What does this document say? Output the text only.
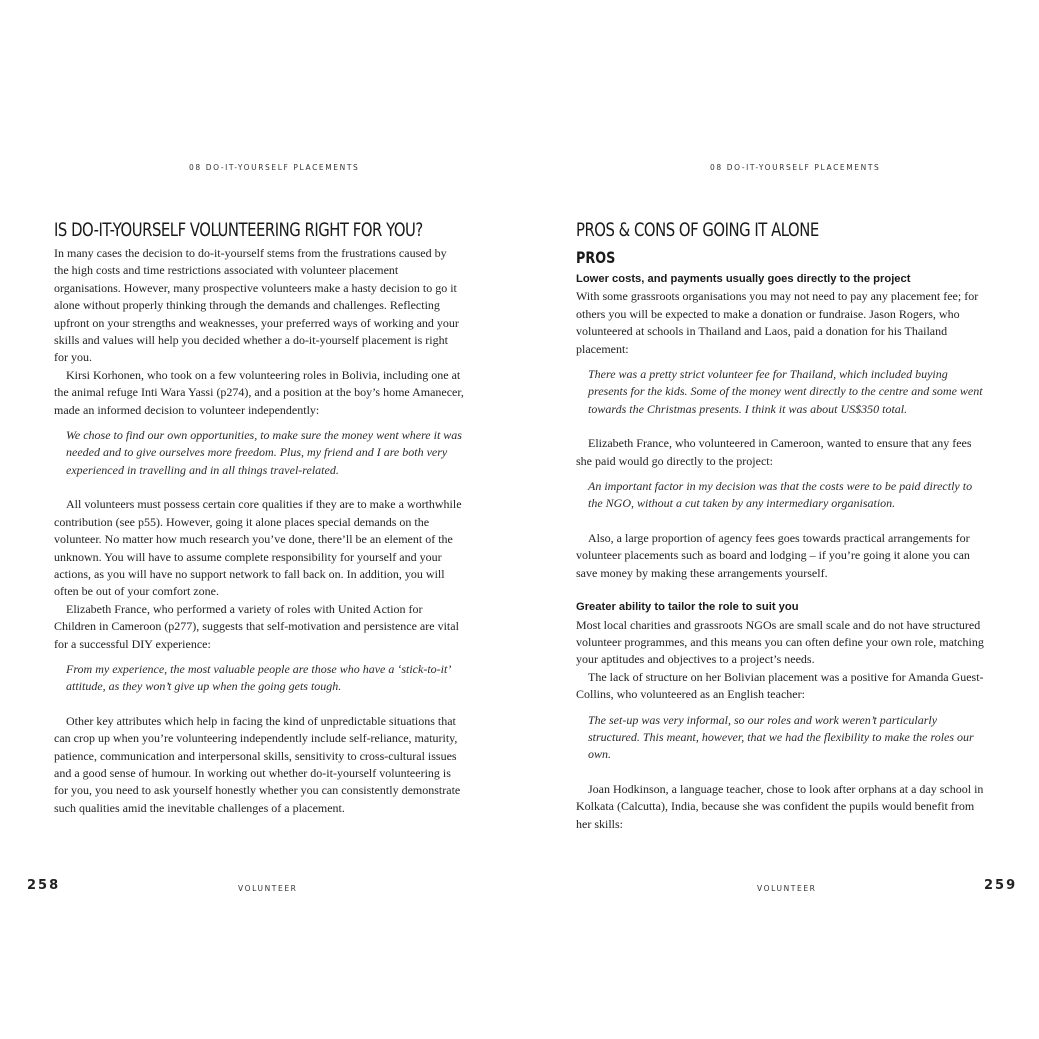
08 DO-IT-YOURSELF PLACEMENTS
IS DO-IT-YOURSELF VOLUNTEERING RIGHT FOR YOU?

In many cases the decision to do-it-yourself stems from the frustrations caused by the high costs and time restrictions associated with volunteer placement organisations. However, many prospective volunteers make a hasty decision to go it alone without properly thinking through the demands and challenges. Reflecting upfront on your strengths and weaknesses, your preferred ways of working and your skills and values will help you decided whether a do-it-yourself placement is right for you.

Kirsi Korhonen, who took on a few volunteering roles in Bolivia, including one at the animal refuge Inti Wara Yassi (p274), and a position at the boy’s home Amanecer, made an informed decision to volunteer independently:

We chose to find our own opportunities, to make sure the money went where it was needed and to give ourselves more freedom. Plus, my friend and I are both very experienced in travelling and in all things travel-related.

All volunteers must possess certain core qualities if they are to make a worthwhile contribution (see p55). However, going it alone places special demands on the volunteer. No matter how much research you’ve done, there’ll be an element of the unknown. You will have to assume complete responsibility for yourself and your actions, as you will have no support network to fall back on. In addition, you will often be out of your comfort zone.

Elizabeth France, who performed a variety of roles with United Action for Children in Cameroon (p277), suggests that self-motivation and persistence are vital for a successful DIY experience:

From my experience, the most valuable people are those who have a ‘stick-to-it’ attitude, as they won’t give up when the going gets tough.

Other key attributes which help in facing the kind of unpredictable situations that can crop up when you’re volunteering independently include self-reliance, maturity, patience, communication and interpersonal skills, sensitivity to cross-cultural issues and a good sense of humour. In working out whether do-it-yourself volunteering is for you, you need to ask yourself honestly whether you can consistently demonstrate such qualities amid the inevitable challenges of a placement.

258	VOLUNTEER
08 DO-IT-YOURSELF PLACEMENTS
PROS & CONS OF GOING IT ALONE
PROS
Lower costs, and payments usually goes directly to the project

With some grassroots organisations you may not need to pay any placement fee; for others you will be expected to make a donation or fundraise. Jason Rogers, who volunteered at schools in Thailand and Laos, paid a donation for his Thailand placement:

There was a pretty strict volunteer fee for Thailand, which included buying presents for the kids. Some of the money went directly to the centre and some went towards the Christmas presents. I think it was about US$350 total.

Elizabeth France, who volunteered in Cameroon, wanted to ensure that any fees she paid would go directly to the project:

An important factor in my decision was that the costs were to be paid directly to the NGO, without a cut taken by any intermediary organisation.

Also, a large proportion of agency fees goes towards practical arrangements for volunteer placements such as board and lodging – if you’re going it alone you can save money by making these arrangements yourself.

Greater ability to tailor the role to suit you

Most local charities and grassroots NGOs are small scale and do not have structured volunteer programmes, and this means you can often define your own role, matching your aptitudes and objectives to a project’s needs.

The lack of structure on her Bolivian placement was a positive for Amanda Guest-Collins, who volunteered as an English teacher:

The set-up was very informal, so our roles and work weren’t particularly structured. This meant, however, that we had the flexibility to make the roles our own.

Joan Hodkinson, a language teacher, chose to look after orphans at a day school in Kolkata (Calcutta), India, because she was confident the pupils would benefit from her skills:

VOLUNTEER	259
